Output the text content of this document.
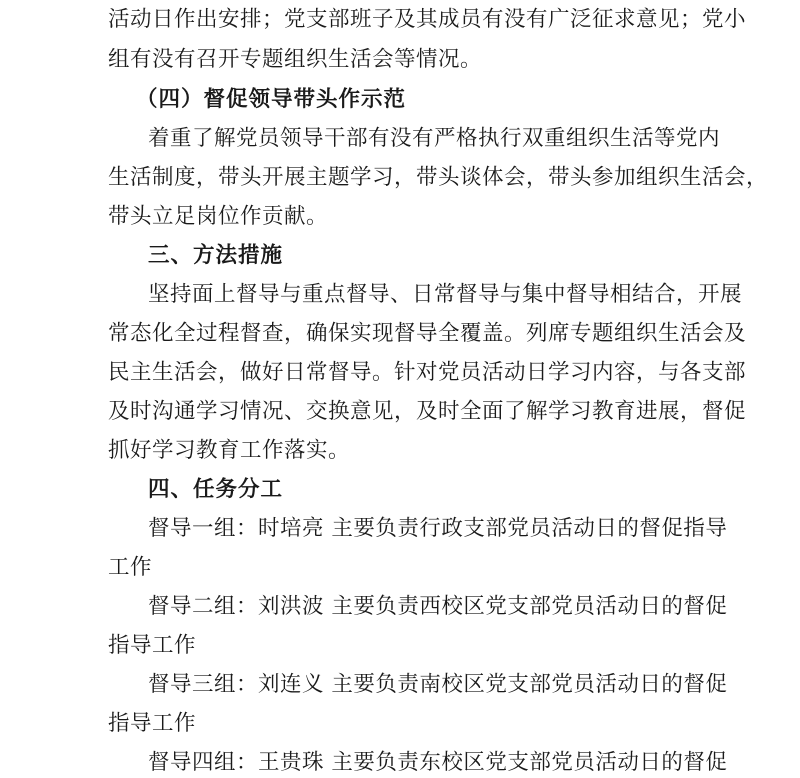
活动日作出安排；党支部班子及其成员有没有广泛征求意见；党小
组有没有召开专题组织生活会等情况。
（四）督促领导带头作示范
着重了解党员领导干部有没有严格执行双重组织生活等党内
生活制度，带头开展主题学习，带头谈体会，带头参加组织生活会，
带头立足岗位作贡献。
三、方法措施
坚持面上督导与重点督导、日常督导与集中督导相结合，开展
常态化全过程督查，确保实现督导全覆盖。列席专题组织生活会及
民主生活会，做好日常督导。针对党员活动日学习内容，与各支部
及时沟通学习情况、交换意见，及时全面了解学习教育进展，督促
抓好学习教育工作落实。
四、任务分工
督导一组：时培亮 主要负责行政支部党员活动日的督促指导
工作
督导二组：刘洪波 主要负责西校区党支部党员活动日的督促
指导工作
督导三组：刘连义 主要负责南校区党支部党员活动日的督促
指导工作
督导四组：王贵珠 主要负责东校区党支部党员活动日的督促
